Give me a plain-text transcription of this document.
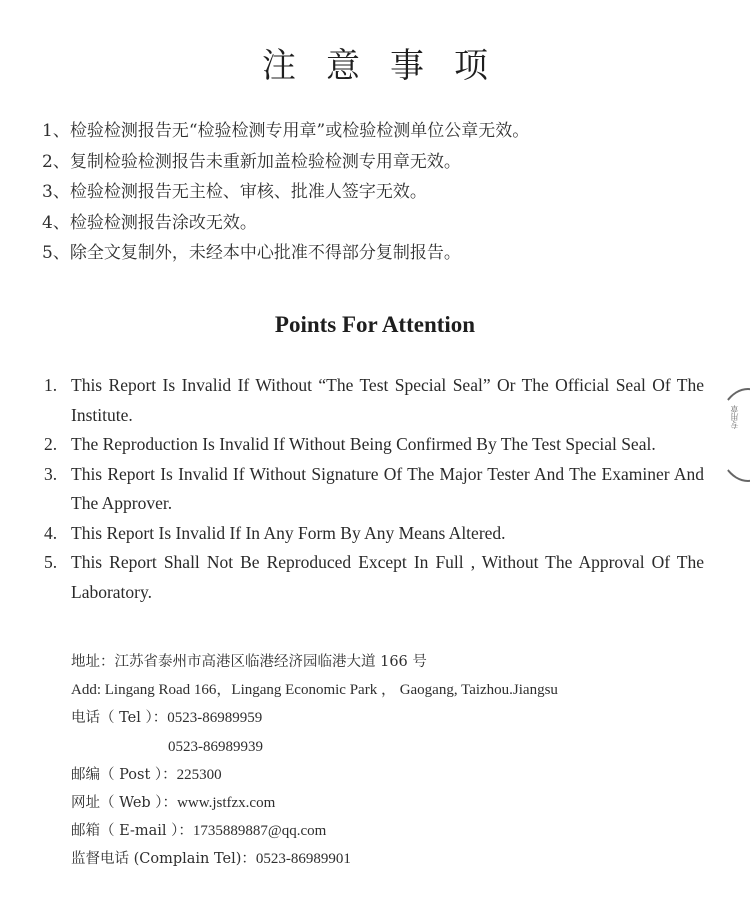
注意事项
1、检验检测报告无“检验检测专用章”或检验检测单位公章无效。
2、复制检验检测报告未重新加盖检验检测专用章无效。
3、检验检测报告无主检、审核、批准人签字无效。
4、检验检测报告涂改无效。
5、除全文复制外，未经本中心批准不得部分复制报告。
Points For Attention
1. This Report Is Invalid If Without “The Test Special Seal” Or The Official Seal Of The Institute.
2. The Reproduction Is Invalid If Without Being Confirmed By The Test Special Seal.
3. This Report Is Invalid If Without Signature Of The Major Tester And The Examiner And The Approver.
4. This Report Is Invalid If In Any Form By Any Means Altered.
5. This Report Shall Not Be Reproduced Except In Full , Without The Approval Of The Laboratory.
地址：江苏省泰州市高港区临港经济园临港大道 166 号
Add: Lingang Road 166，Lingang Economic Park ， Gaogang, Taizhou.Jiangsu
电话（ Tel ）：0523-86989959
0523-86989939
邮编（ Post ）：225300
网址（ Web ）：www.jstfzx.com
邮箱（ E-mail ）：1735889887@qq.com
监督电话 (Complain Tel)：0523-86989901
专用章
